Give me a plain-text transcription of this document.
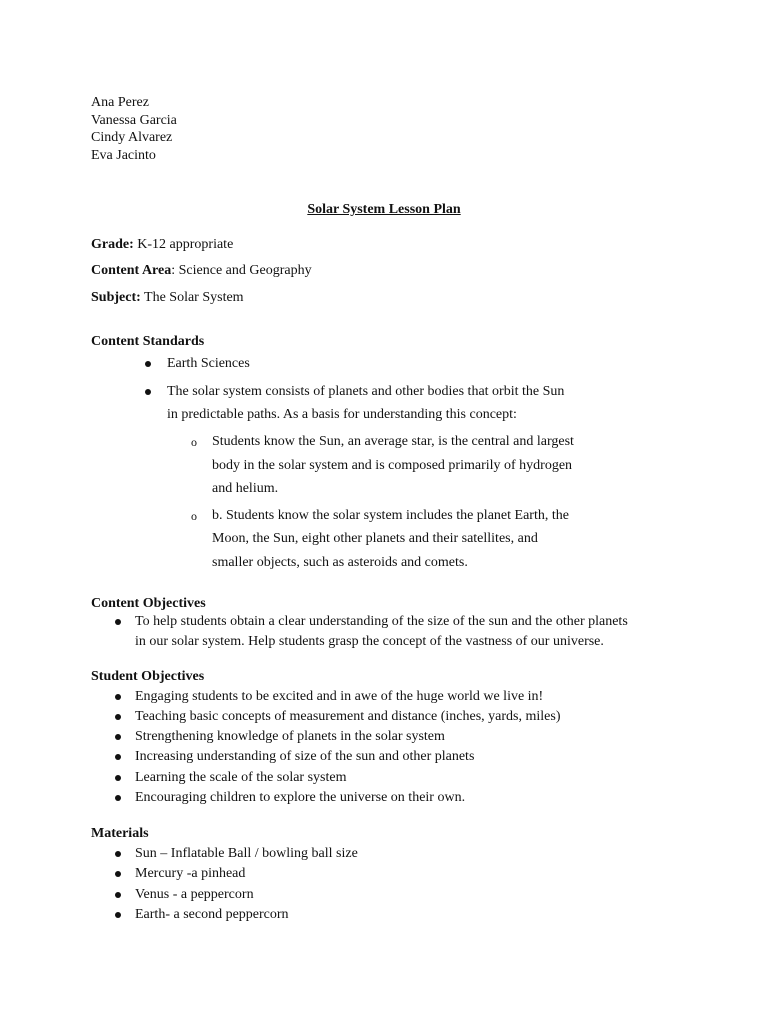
Ana Perez
Vanessa Garcia
Cindy Alvarez
Eva Jacinto
Solar System Lesson Plan
Grade: K-12 appropriate
Content Area: Science and Geography
Subject: The Solar System
Content Standards
Earth Sciences
The solar system consists of planets and other bodies that orbit the Sun
in predictable paths. As a basis for understanding this concept:
o Students know the Sun, an average star, is the central and largest
body in the solar system and is composed primarily of hydrogen
and helium.
o b. Students know the solar system includes the planet Earth, the
Moon, the Sun, eight other planets and their satellites, and
smaller objects, such as asteroids and comets.
Content Objectives
To help students obtain a clear understanding of the size of the sun and the other planets
in our solar system. Help students grasp the concept of the vastness of our universe.
Student Objectives
Engaging students to be excited and in awe of the huge world we live in!
Teaching basic concepts of measurement and distance (inches, yards, miles)
Strengthening knowledge of planets in the solar system
Increasing understanding of size of the sun and other planets
Learning the scale of the solar system
Encouraging children to explore the universe on their own.
Materials
Sun – Inflatable Ball / bowling ball size
Mercury -a pinhead
Venus - a peppercorn
Earth- a second peppercorn
